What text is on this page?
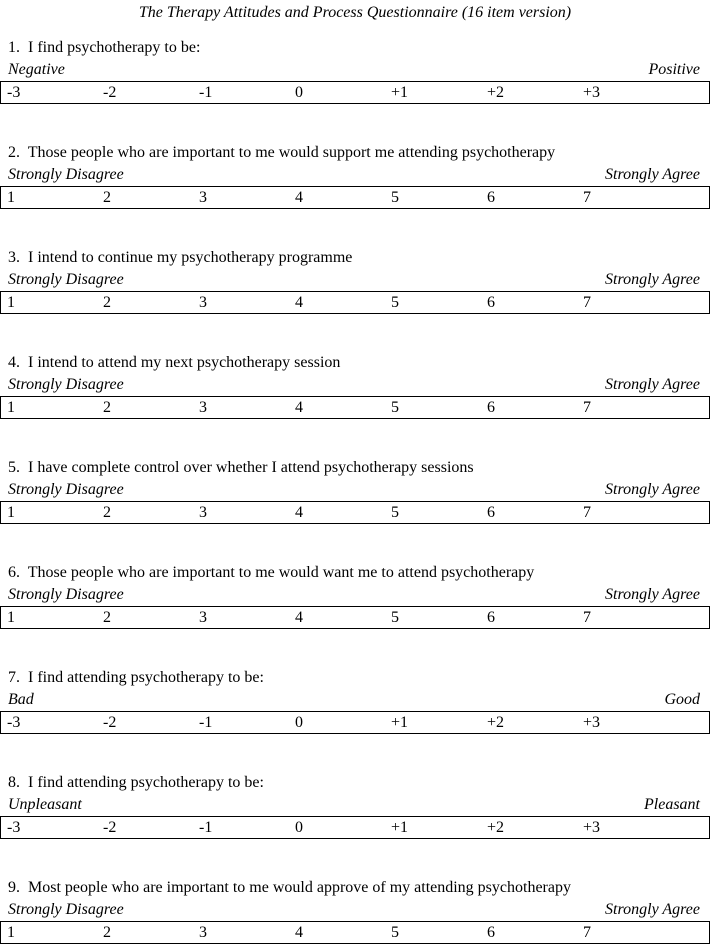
The Therapy Attitudes and Process Questionnaire (16 item version)
1.  I find psychotherapy to be:
Negative	Positive
-3	-2	-1	0	+1	+2	+3
2.  Those people who are important to me would support me attending psychotherapy
Strongly Disagree	Strongly Agree
1	2	3	4	5	6	7
3.  I intend to continue my psychotherapy programme
Strongly Disagree	Strongly Agree
1	2	3	4	5	6	7
4.  I intend to attend my next psychotherapy session
Strongly Disagree	Strongly Agree
1	2	3	4	5	6	7
5.  I have complete control over whether I attend psychotherapy sessions
Strongly Disagree	Strongly Agree
1	2	3	4	5	6	7
6.  Those people who are important to me would want me to attend psychotherapy
Strongly Disagree	Strongly Agree
1	2	3	4	5	6	7
7.  I find attending psychotherapy to be:
Bad	Good
-3	-2	-1	0	+1	+2	+3
8.  I find attending psychotherapy to be:
Unpleasant	Pleasant
-3	-2	-1	0	+1	+2	+3
9.  Most people who are important to me would approve of my attending psychotherapy
Strongly Disagree	Strongly Agree
1	2	3	4	5	6	7
